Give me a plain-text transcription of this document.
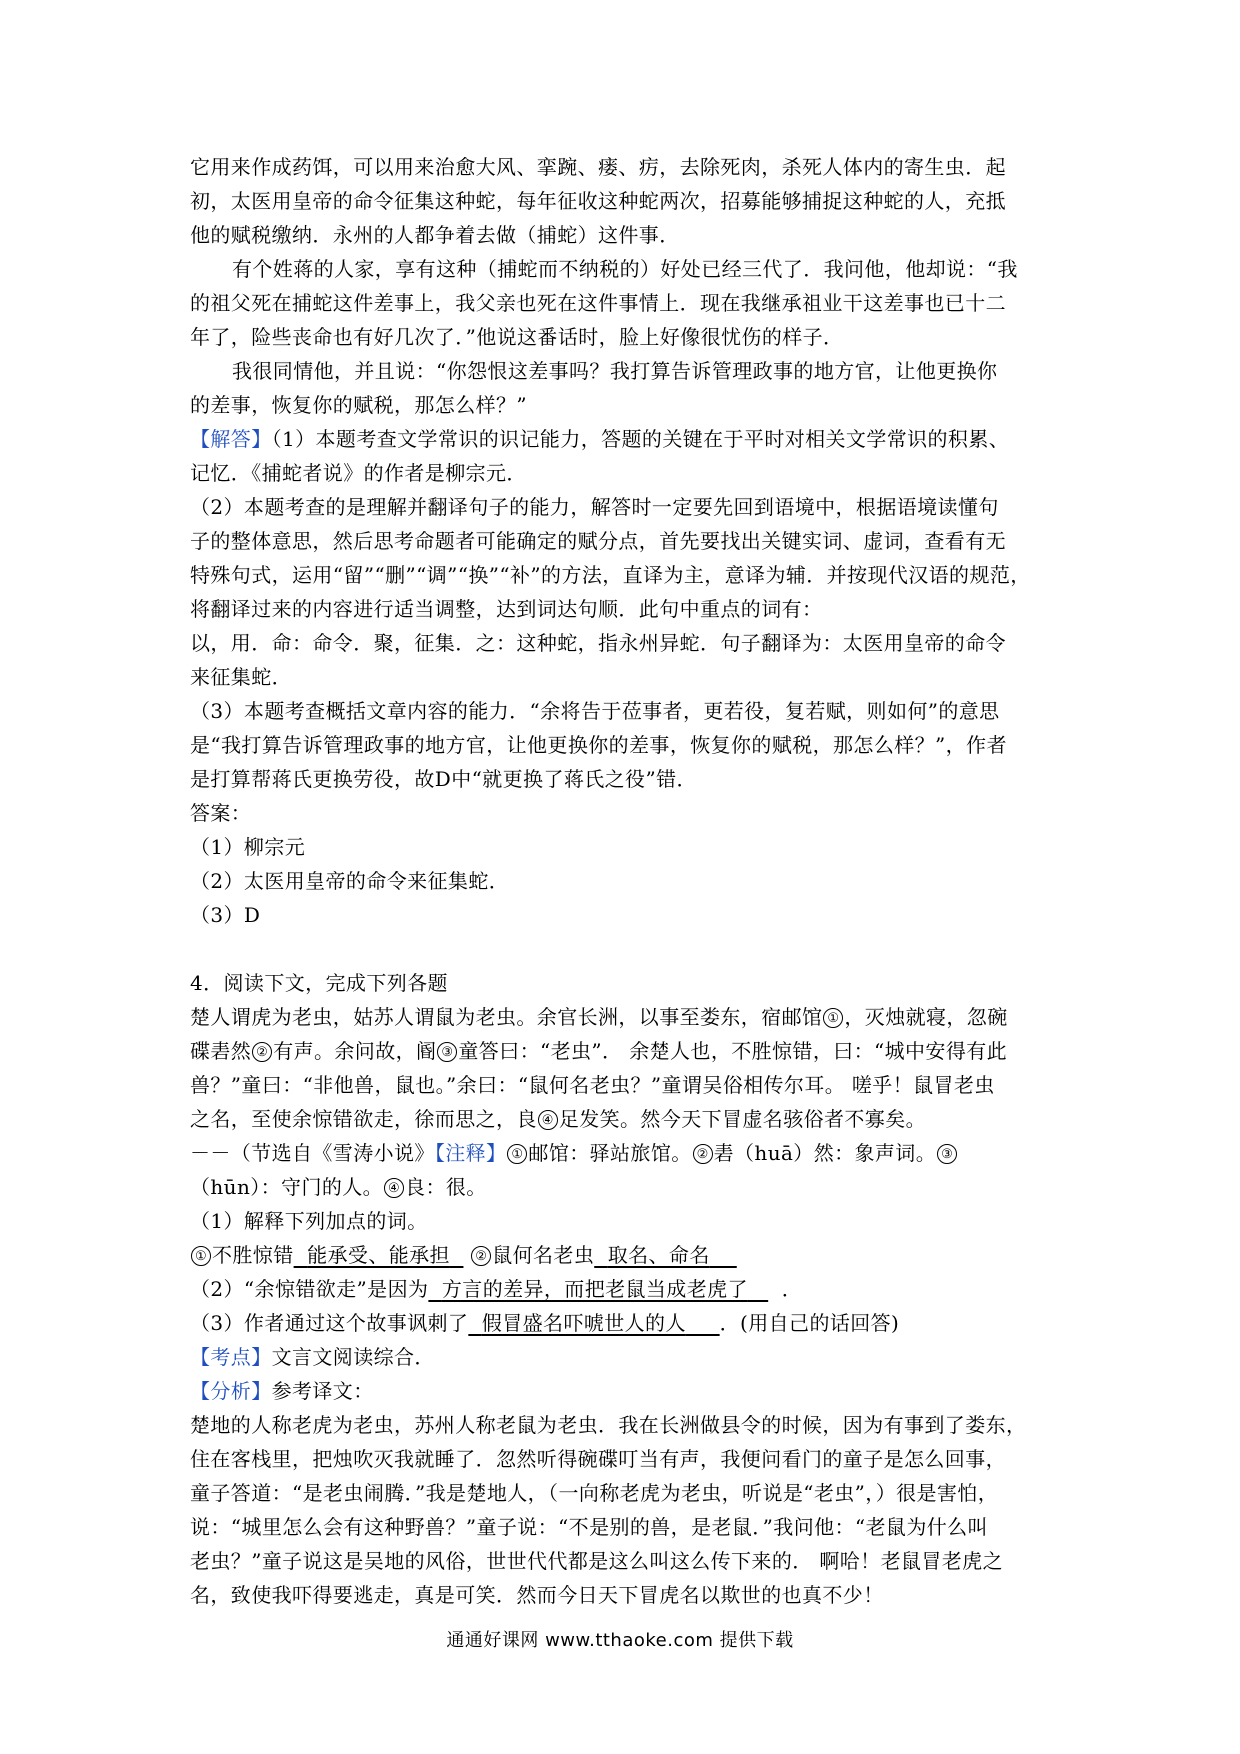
它用来作成药饵，可以用来治愈大风、挛踠、瘘、疠，去除死肉，杀死人体内的寄生虫．起
初，太医用皇帝的命令征集这种蛇，每年征收这种蛇两次，招募能够捕捉这种蛇的人，充抵
他的赋税缴纳．永州的人都争着去做（捕蛇）这件事．
有个姓蒋的人家，享有这种（捕蛇而不纳税的）好处已经三代了．我问他，他却说：“我
的祖父死在捕蛇这件差事上，我父亲也死在这件事情上．现在我继承祖业干这差事也已十二
年了，险些丧命也有好几次了．”他说这番话时，脸上好像很忧伤的样子．
我很同情他，并且说：“你怨恨这差事吗？我打算告诉管理政事的地方官，让他更换你
的差事，恢复你的赋税，那怎么样？”
【解答】（1）本题考查文学常识的识记能力，答题的关键在于平时对相关文学常识的积累、
记忆．《捕蛇者说》的作者是柳宗元．
（2）本题考查的是理解并翻译句子的能力，解答时一定要先回到语境中，根据语境读懂句
子的整体意思，然后思考命题者可能确定的赋分点，首先要找出关键实词、虚词，查看有无
特殊句式，运用“留”“删”“调”“换”“补”的方法，直译为主，意译为辅．并按现代汉语的规范，
将翻译过来的内容进行适当调整，达到词达句顺．此句中重点的词有：
以，用．命：命令．聚，征集．之：这种蛇，指永州异蛇．句子翻译为：太医用皇帝的命令
来征集蛇．
（3）本题考查概括文章内容的能力．“余将告于莅事者，更若役，复若赋，则如何”的意思
是“我打算告诉管理政事的地方官，让他更换你的差事，恢复你的赋税，那怎么样？”，作者
是打算帮蒋氏更换劳役，故D中“就更换了蒋氏之役”错．
答案：
（1）柳宗元
（2）太医用皇帝的命令来征集蛇．
（3）D
4．阅读下文，完成下列各题
楚人谓虎为老虫，姑苏人谓鼠为老虫。余官长洲，以事至娄东，宿邮馆 ① ，灭烛就寝，忽碗
碟砉然 ② 有声。余问故，阍 ③ 童答曰：“老虫”． 余楚人也，不胜惊错，曰：“城中安得有此
兽？”童曰：“非他兽，鼠也。”余曰：“鼠何名老虫？”童谓吴俗相传尔耳。 嗟乎！鼠冒老虫
之名，至使余惊错欲走，徐而思之，良 ④ 足发笑。然今天下冒虚名骇俗者不寡矣。
－－（节选自《雪涛小说》【注释】 ① 邮馆：驿站旅馆。 ② 砉（huā）然：象声词。 ③
（hūn）：守门的人。 ④ 良：很。
（1）解释下列加点的词。
① 不胜惊错 能承受、能承担 ② 鼠何名老虫 取名、命名
（2）“余惊错欲走”是因为 方言的差异，而把老鼠当成老虎了 ．
（3）作者通过这个故事讽刺了 假冒盛名吓唬世人的人 ．(用自己的话回答)
【考点】文言文阅读综合．
【分析】参考译文：
楚地的人称老虎为老虫，苏州人称老鼠为老虫．我在长洲做县令的时候，因为有事到了娄东，
住在客栈里，把烛吹灭我就睡了．忽然听得碗碟叮当有声，我便问看门的童子是怎么回事，
童子答道：“是老虫闹腾．”我是楚地人，（一向称老虎为老虫，听说是“老虫”，）很是害怕，
说：“城里怎么会有这种野兽？”童子说：“不是别的兽，是老鼠．”我问他：“老鼠为什么叫
老虫？”童子说这是吴地的风俗，世世代代都是这么叫这么传下来的． 啊哈！老鼠冒老虎之
名，致使我吓得要逃走，真是可笑．然而今日天下冒虎名以欺世的也真不少！
通通好课网 www.tthaoke.com 提供下载
